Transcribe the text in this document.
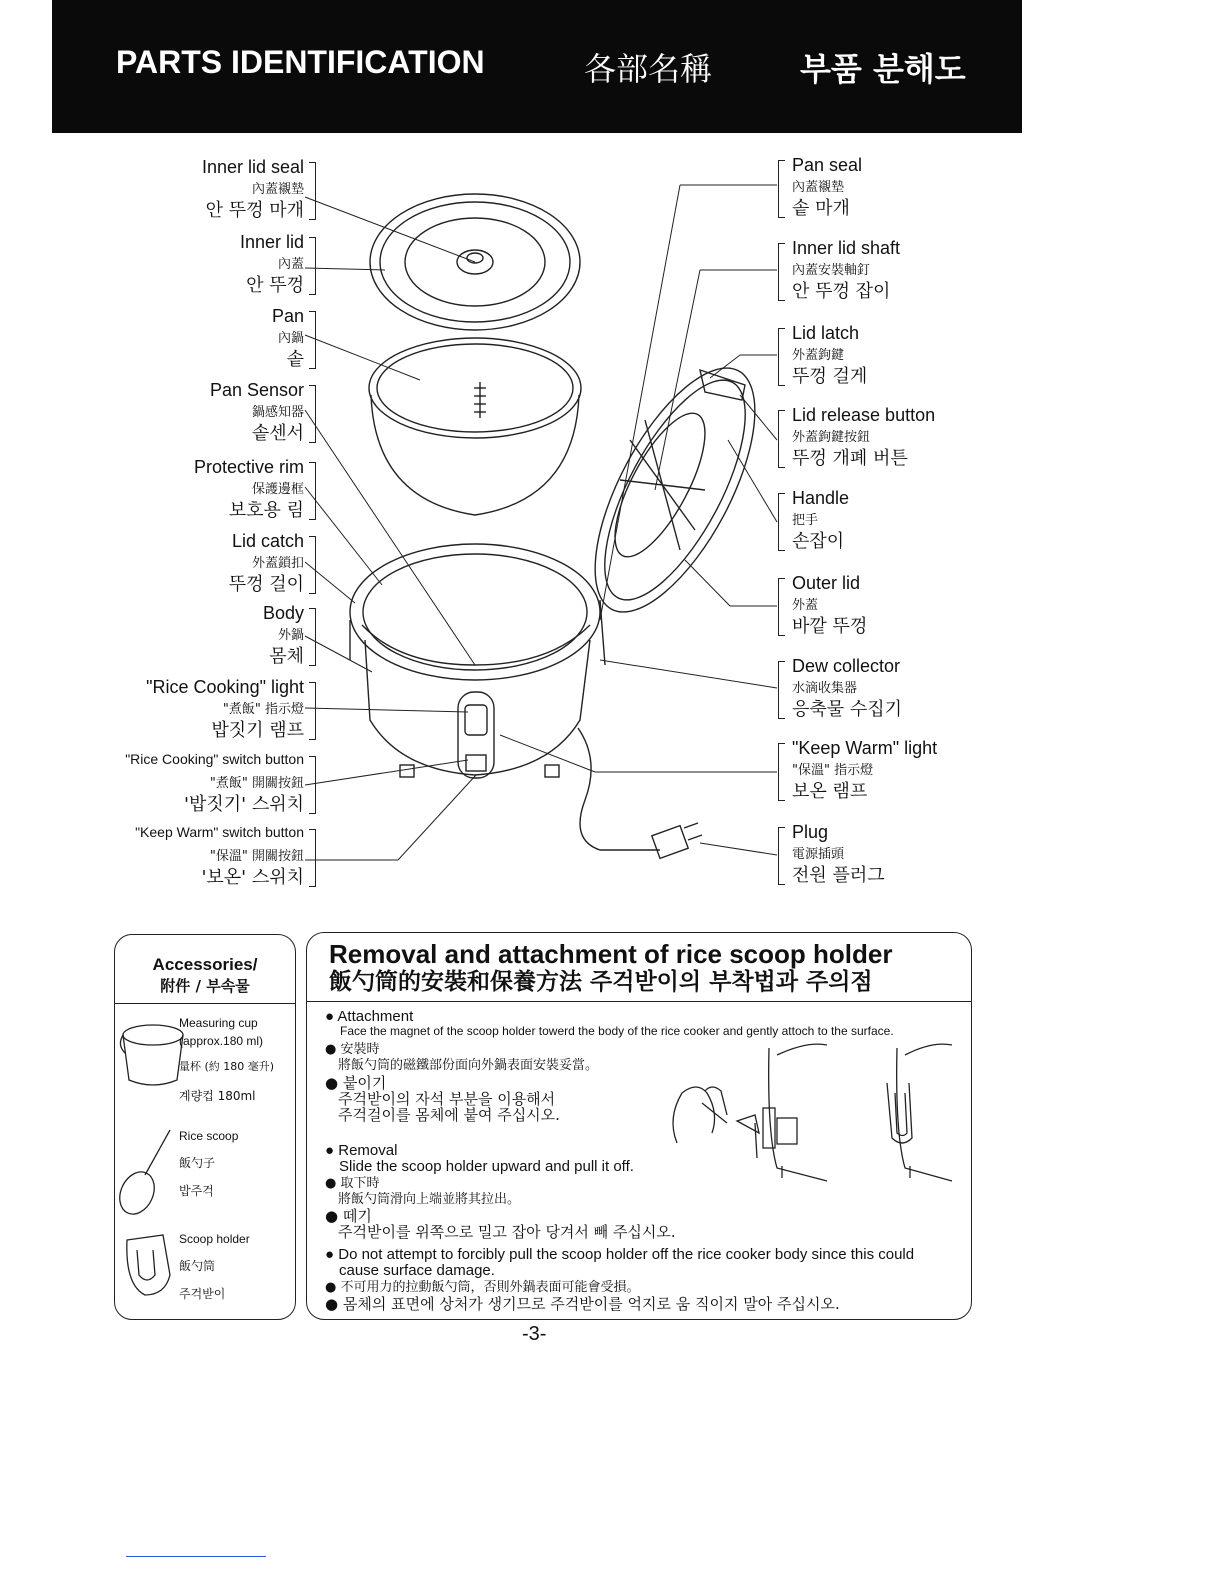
PARTS IDENTIFICATION	各部名稱	부품 분해도
Inner lid seal
內蓋襯墊
안 뚜껑 마개
Inner lid
內蓋
안 뚜껑
Pan
內鍋
솥
Pan Sensor
鍋感知器
솥센서
Protective rim
保護邊框
보호용 림
Lid catch
外蓋鎖扣
뚜껑 걸이
Body
外鍋
몸체
"Rice Cooking" light
"煮飯" 指示燈
밥짓기 램프
"Rice Cooking" switch button
"煮飯" 開關按鈕
'밥짓기' 스위치
"Keep Warm" switch button
"保溫" 開關按鈕
'보온' 스위치
Pan seal
內蓋襯墊
솥 마개
Inner lid shaft
內蓋安裝軸釘
안 뚜껑 잡이
Lid latch
外蓋鉤鍵
뚜껑 걸게
Lid release button
外蓋鉤鍵按鈕
뚜껑 개폐 버튼
Handle
把手
손잡이
Outer lid
外蓋
바깥 뚜껑
Dew collector
水滴收集器
응축물 수집기
"Keep Warm" light
"保溫" 指示燈
보온 램프
Plug
電源插頭
전원 플러그
Accessories/
附件 / 부속물
Measuring cup
(approx.180 ml)
量杯 (約 180 毫升)
계량컵 180ml
Rice scoop
飯勺子
밥주걱
Scoop holder
飯勺筒
주걱받이
Removal and attachment of rice scoop holder
飯勺筒的安裝和保養方法 주걱받이의 부착법과 주의점
● Attachment
Face the magnet of the scoop holder towerd the body of the rice cooker and gently attoch to the surface.
● 安裝時
將飯勺筒的磁鐵部份面向外鍋表面安裝妥當。
● 붙이기
주걱받이의 자석 부분을 이용해서
주걱걸이를 몸체에 붙여 주십시오.
● Removal
Slide the scoop holder upward and pull it off.
● 取下時
將飯勺筒滑向上端並將其拉出。
● 떼기
주걱받이를 위쪽으로 밀고 잡아 당겨서 빼 주십시오.
● Do not attempt to forcibly pull the scoop holder off the rice cooker body since this could
cause surface damage.
● 不可用力的拉動飯勺筒，否則外鍋表面可能會受損。
● 몸체의 표면에 상처가 생기므로 주걱받이를 억지로 움 직이지 말아 주십시오.
-3-
